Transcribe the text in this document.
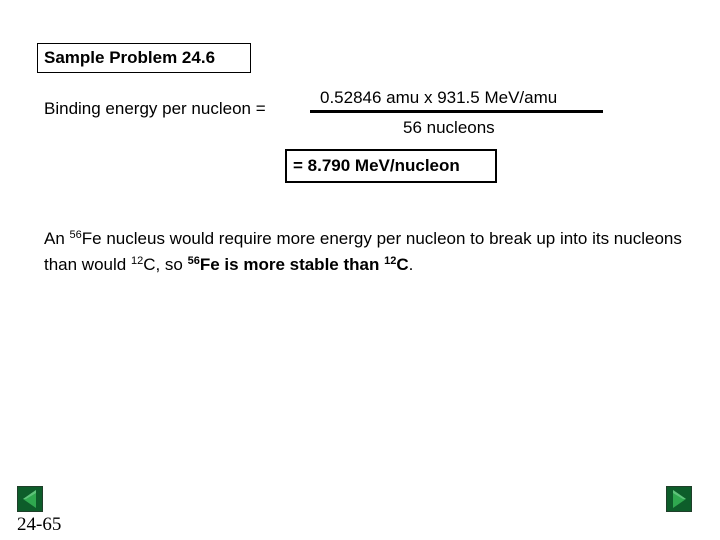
Sample Problem 24.6
Binding energy per nucleon =
0.52846 amu x 931.5 MeV/amu
56 nucleons
= 8.790 MeV/nucleon
An $^{56}$Fe nucleus would require more energy per nucleon to break up into its nucleons than would $^{12}$C, so $^{56}$Fe is more stable than $^{12}$C.
24-65
